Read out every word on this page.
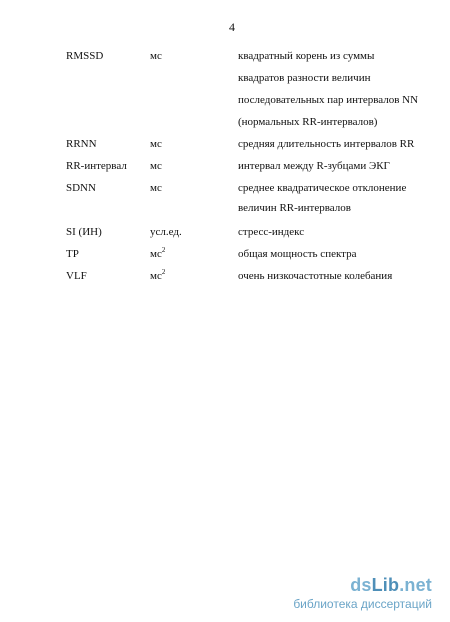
4
RMSSD	мс	квадратный корень из суммы
квадратов разности величин
последовательных пар интервалов NN
(нормальных RR-интервалов)
RRNN	мс	средняя длительность интервалов RR
RR-интервал мс	интервал между R-зубцами ЭКГ
SDNN	мс	среднее квадратическое отклонение
величин RR-интервалов
SI (ИН)	усл.ед.	стресс-индекс
TP	$мс^2$	общая мощность спектра
VLF	$мс^2$	очень низкочастотные колебания
dsLib.net
библиотека диссертаций
